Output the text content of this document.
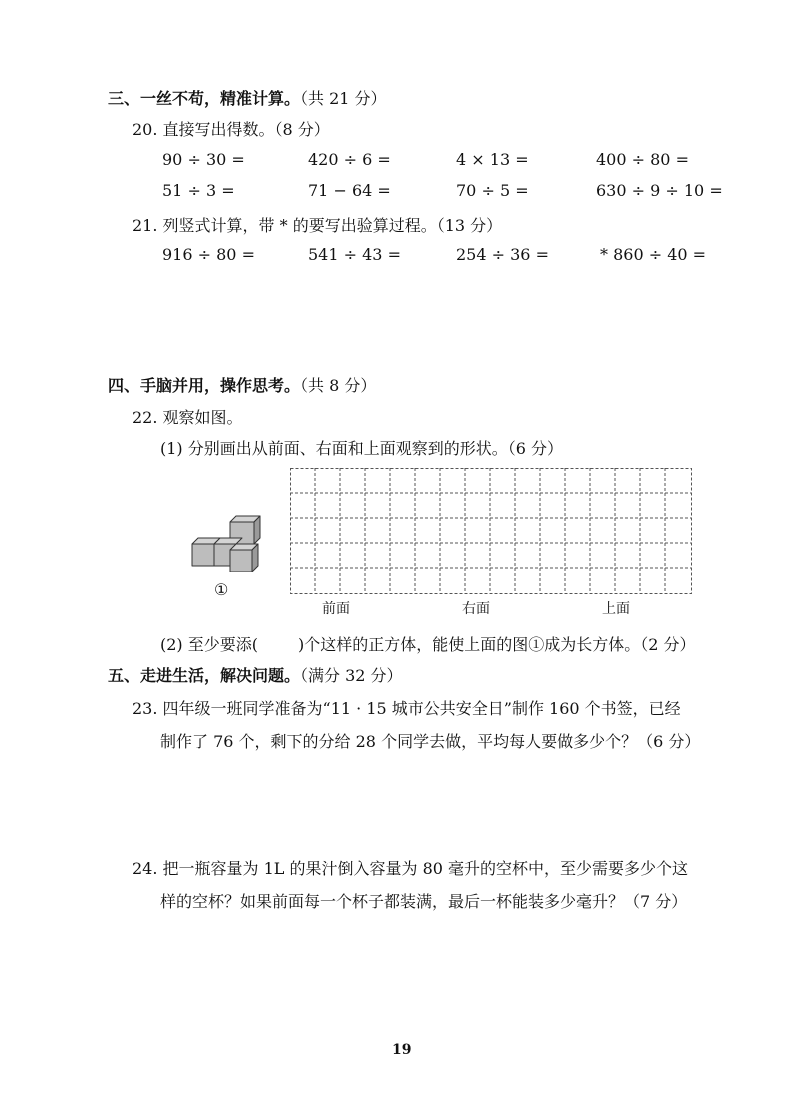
三、一丝不苟，精准计算。（共 21 分）
20. 直接写出得数。（8 分）
90 ÷ 30 =	420 ÷ 6 =	4 × 13 =	400 ÷ 80 =
51 ÷ 3 =	71 − 64 =	70 ÷ 5 =	630 ÷ 9 ÷ 10 =
21. 列竖式计算，带 * 的要写出验算过程。（13 分）
916 ÷ 80 =	541 ÷ 43 =	254 ÷ 36 =	* 860 ÷ 40 =
四、手脑并用，操作思考。（共 8 分）
22. 观察如图。
(1) 分别画出从前面、右面和上面观察到的形状。（6 分）
①
前面	右面	上面
(2) 至少要添(	)个这样的正方体，能使上面的图①成为长方体。（2 分）
五、走进生活，解决问题。（满分 32 分）
23. 四年级一班同学准备为“11 · 15 城市公共安全日”制作 160 个书签，已经
制作了 76 个，剩下的分给 28 个同学去做，平均每人要做多少个？（6 分）
24. 把一瓶容量为 1L 的果汁倒入容量为 80 毫升的空杯中，至少需要多少个这
样的空杯？如果前面每一个杯子都装满，最后一杯能装多少毫升？（7 分）
19
